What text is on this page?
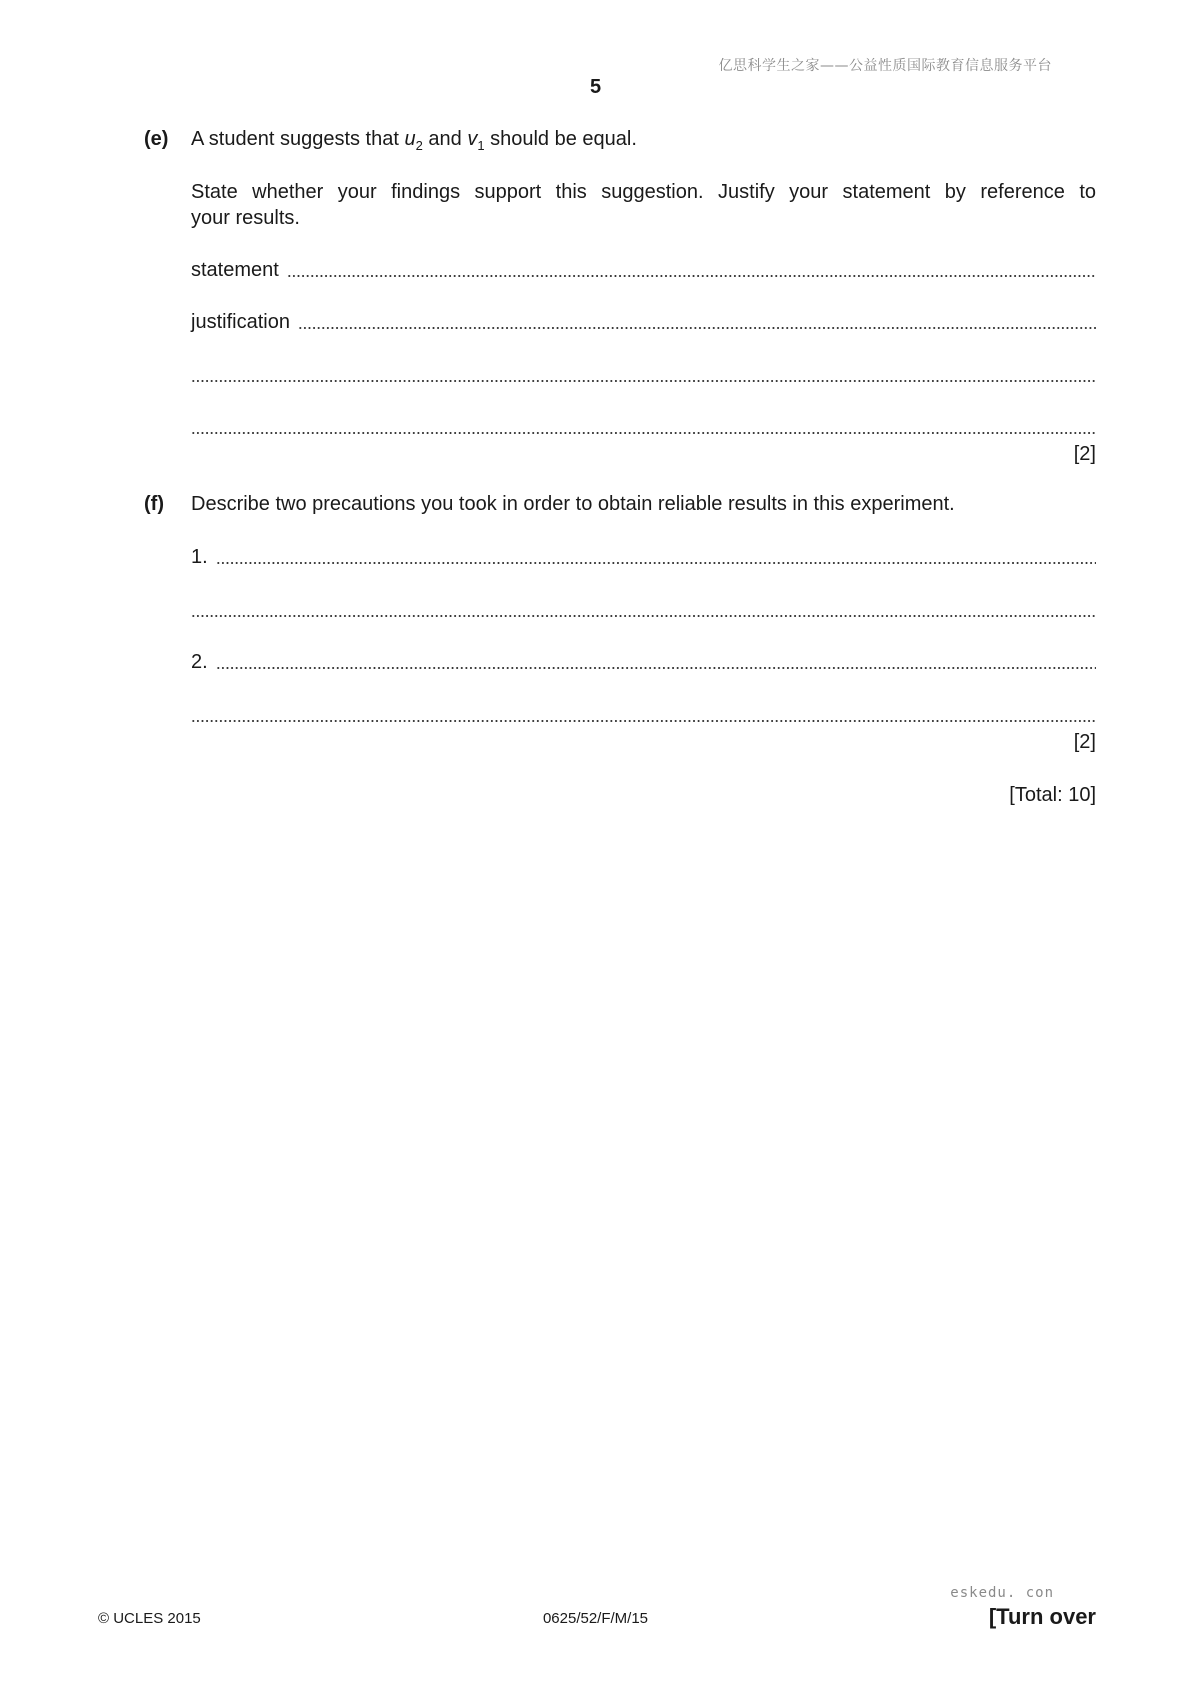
亿思科学生之家——公益性质国际教育信息服务平台
5
(e) A student suggests that $u_2$ and $v_1$ should be equal.
State whether your findings support this suggestion. Justify your statement by reference to
your results.
statement
justification
[2]
(f) Describe two precautions you took in order to obtain reliable results in this experiment.
1.
2.
[2]
[Total: 10]
eskedu. con
© UCLES 2015	0625/52/F/M/15	[Turn over
